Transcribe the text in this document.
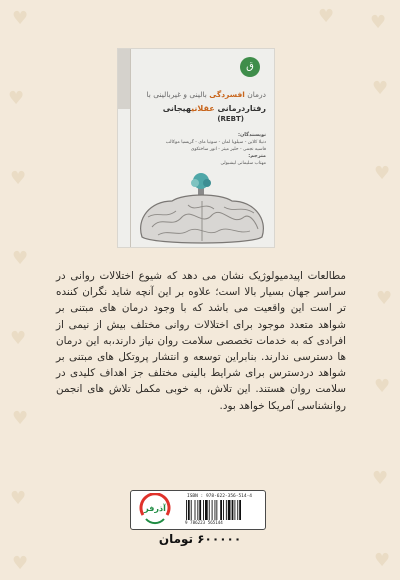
♥	♥ ♥
♥	♥
♥	♥
♥
♥
♥
♥
♥
♥
♥
♥	♥
ق
درمان افسردگی بالینی و غیربالینی با
رفتاردرمانی عقلانیهیجانی
(REBT)
نویسندگان:
دنیلا کلاین - سیلویا لمان - سونیا مای - گریسیا موکالب
فاسیه نجمی - حلیز میتر - انور ساختکوی
مترجم:
مهتاب سلیمانی لیشبولی
مطالعات اپیدمیولوژیک نشان می دهد که شیوع اختلالات روانی در سراسر جهان بسیار بالا است؛ علاوه بر این آنچه شاید نگران کننده تر است این واقعیت می باشد که با وجود درمان های مبتنی بر شواهد متعدد موجود برای اختلالات روانی مختلف بیش از نیمی از افرادی که به خدمات تخصصی سلامت روان نیاز دارند،به این درمان ها دسترسی ندارند. بنابراین توسعه و انتشار پروتکل های مبتنی بر شواهد دردسترس برای شرایط بالینی مختلف جز اهداف کلیدی در سلامت روان هستند. این تلاش، به خوبی مکمل تلاش های انجمن روانشناسی آمریکا خواهد بود.
آذرفر
ISBN : 978-622-356-514-4
9 786223 565144
۶۰۰۰۰۰ تومان
